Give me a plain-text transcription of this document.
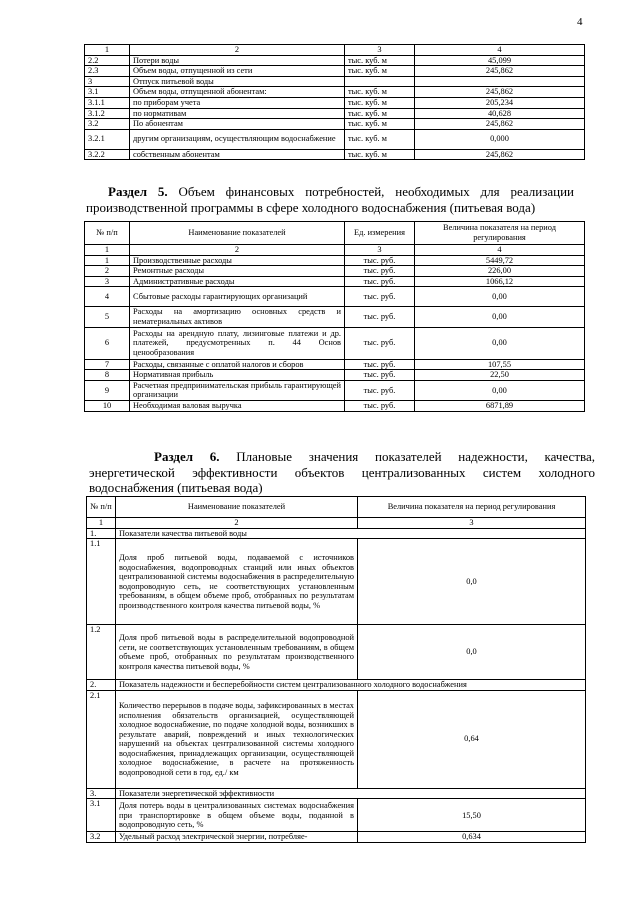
4
1	2	3	4
2.2	Потери воды	тыс. куб. м	45,099
2.3	Объем воды, отпущенной из сети	тыс. куб. м	245,862
3	Отпуск питьевой воды		
3.1	Объем воды, отпущенной абонентам:	тыс. куб. м	245,862
3.1.1	по приборам учета	тыс. куб. м	205,234
3.1.2	по нормативам	тыс. куб. м	40,628
3.2	По абонентам	тыс. куб. м	245,862
3.2.1	другим организациям, осуществляющим водоснабжение	тыс. куб. м	0,000
3.2.2	собственным абонентам	тыс. куб. м	245,862
Раздел 5. Объем финансовых потребностей, необходимых для реализации производственной программы в сфере холодного водоснабжения (питьевая вода)
№ п/п	Наименование показателей	Ед. измерения	Величина показателя на период регулирования
1	2	3	4
1	Производственные расходы	тыс. руб.	5449,72
2	Ремонтные расходы	тыс. руб.	226,00
3	Административные расходы	тыс. руб.	1066,12
4	Сбытовые расходы гарантирующих организаций	тыс. руб.	0,00
5	Расходы на амортизацию основных средств и нематериальных активов	тыс. руб.	0,00
6	Расходы на арендную плату, лизинговые платежи и др. платежей, предусмотренных п. 44 Основ ценообразования	тыс. руб.	0,00
7	Расходы, связанные с оплатой налогов и сборов	тыс. руб.	107,55
8	Нормативная прибыль	тыс. руб.	22,50
9	Расчетная предпринимательская прибыль гарантирующей организации	тыс. руб.	0,00
10	Необходимая валовая выручка	тыс. руб.	6871,89
Раздел 6. Плановые значения показателей надежности, качества, энергетической эффективности объектов централизованных систем холодного водоснабжения (питьевая вода)
№ п/п	Наименование показателей	Величина показателя на период регулирования
1	2	3
1.	Показатели качества питьевой воды	
1.1	Доля проб питьевой воды, подаваемой с источников водоснабжения, водопроводных станций или иных объектов централизованной системы водоснабжения в распределительную водопроводную сеть, не соответствующих установленным требованиям, в общем объеме проб, отобранных по результатам производственного контроля качества питьевой воды, %	0,0
1.2	Доля проб питьевой воды в распределительной водопроводной сети, не соответствующих установленным требованиям, в общем объеме проб, отобранных по результатам производственного контроля качества питьевой воды, %	0,0
2.	Показатель надежности и бесперебойности систем централизованного холодного водоснабжения	
2.1	Количество перерывов в подаче воды, зафиксированных в местах исполнения обязательств организацией, осуществляющей холодное водоснабжение, по подаче холодной воды, возникших в результате аварий, повреждений и иных технологических нарушений на объектах централизованной системы холодного водоснабжения, принадлежащих организации, осуществляющей холодное водоснабжение, в расчете на протяженность водопроводной сети в год, ед./ км	0,64
3.	Показатели энергетической эффективности	
3.1	Доля потерь воды в централизованных системах водоснабжения при транспортировке в общем объеме воды, поданной в водопроводную сеть, %	15,50
3.2	Удельный расход электрической энергии, потребляе-	0,634
